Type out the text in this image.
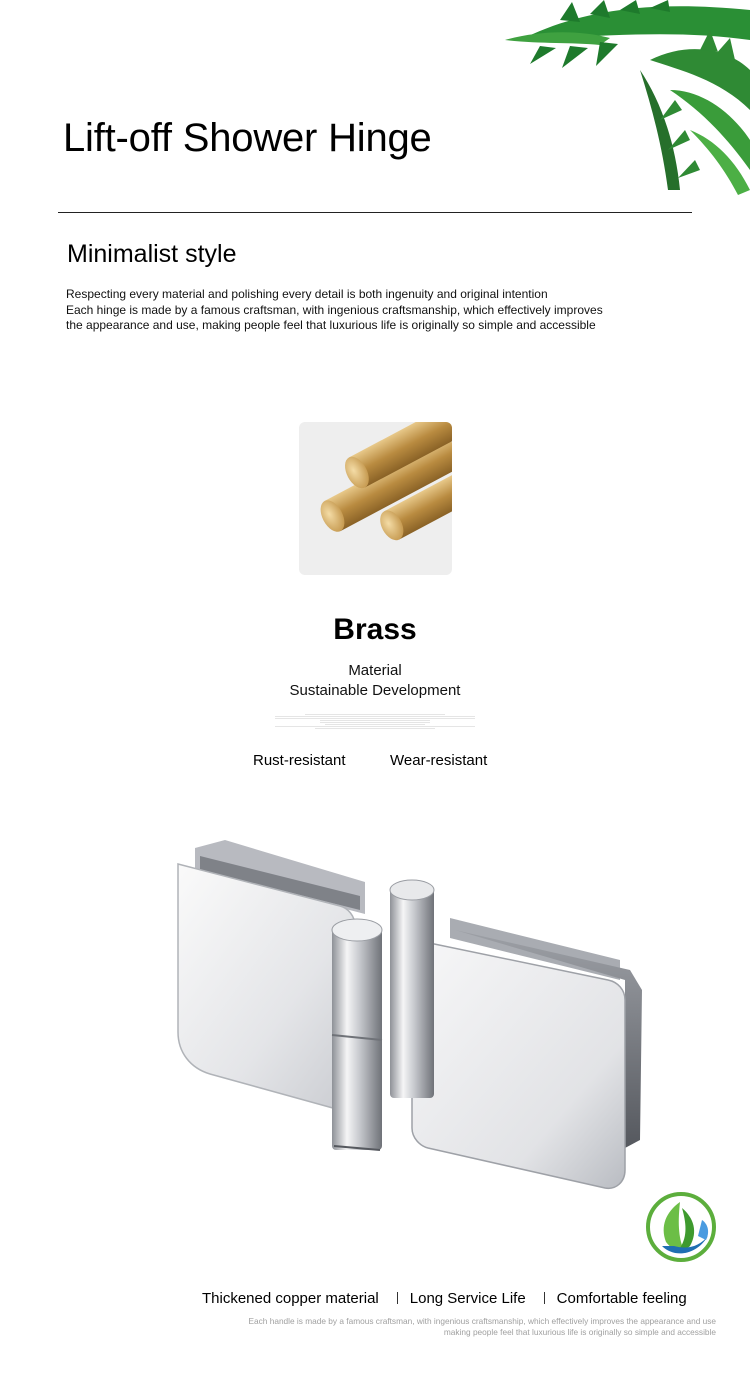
Lift-off Shower Hinge
Minimalist style
Respecting every material and polishing every detail is both ingenuity and original intention
Each hinge is made by a famous craftsman, with ingenious craftsmanship, which effectively improves
the appearance and use, making people feel that luxurious life is originally so simple and accessible
Brass
Material
Sustainable Development
Rust-resistant	Wear-resistant
Thickened copper material Long Service Life Comfortable feeling
Each handle is made by a famous craftsman, with ingenious craftsmanship, which effectively improves the appearance and use
making people feel that luxurious life is originally so simple and accessible
